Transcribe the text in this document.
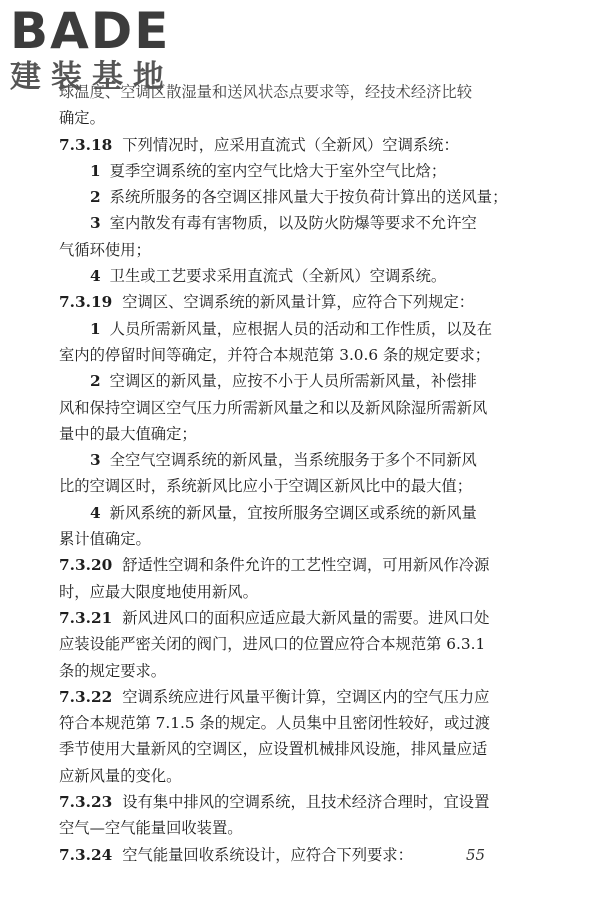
BADE
建装基地
球温度、空调区散湿量和送风状态点要求等，经技术经济比较
确定。
7.3.18 下列情况时，应采用直流式（全新风）空调系统：
1 夏季空调系统的室内空气比焓大于室外空气比焓；
2 系统所服务的各空调区排风量大于按负荷计算出的送风量；
3 室内散发有毒有害物质，以及防火防爆等要求不允许空
气循环使用；
4 卫生或工艺要求采用直流式（全新风）空调系统。
7.3.19 空调区、空调系统的新风量计算，应符合下列规定：
1 人员所需新风量，应根据人员的活动和工作性质，以及在
室内的停留时间等确定，并符合本规范第 3.0.6 条的规定要求；
2 空调区的新风量，应按不小于人员所需新风量，补偿排
风和保持空调区空气压力所需新风量之和以及新风除湿所需新风
量中的最大值确定；
3 全空气空调系统的新风量，当系统服务于多个不同新风
比的空调区时，系统新风比应小于空调区新风比中的最大值；
4 新风系统的新风量，宜按所服务空调区或系统的新风量
累计值确定。
7.3.20 舒适性空调和条件允许的工艺性空调，可用新风作冷源
时，应最大限度地使用新风。
7.3.21 新风进风口的面积应适应最大新风量的需要。进风口处
应装设能严密关闭的阀门，进风口的位置应符合本规范第 6.3.1
条的规定要求。
7.3.22 空调系统应进行风量平衡计算，空调区内的空气压力应
符合本规范第 7.1.5 条的规定。人员集中且密闭性较好，或过渡
季节使用大量新风的空调区，应设置机械排风设施，排风量应适
应新风量的变化。
7.3.23 设有集中排风的空调系统，且技术经济合理时，宜设置
空气—空气能量回收装置。
7.3.24 空气能量回收系统设计，应符合下列要求：	55
